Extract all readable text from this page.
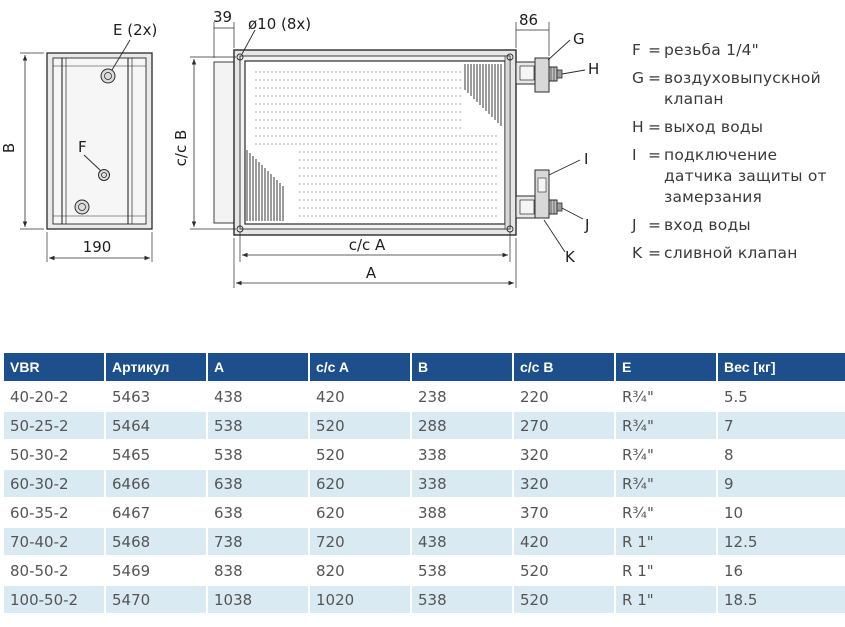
E (2x)
F
B
190
G
H
I
J
K
39 ø10 (8x)	86
c/c B
c/c A
A
F = резьба 1/4"
G = воздуховыпускной клапан
H = выход воды
I = подключение датчика защиты от замерзания
J = вход воды
K = сливной клапан
VBR	Артикул	A	c/c A	B	c/c B	E	Вес [кг]
40-20-2	5463	438	420	238	220	R¾"	5.5
50-25-2	5464	538	520	288	270	R¾"	7
50-30-2	5465	538	520	338	320	R¾"	8
60-30-2	6466	638	620	338	320	R¾"	9
60-35-2	6467	638	620	388	370	R¾"	10
70-40-2	5468	738	720	438	420	R 1"	12.5
80-50-2	5469	838	820	538	520	R 1"	16
100-50-2	5470	1038	1020	538	520	R 1"	18.5
